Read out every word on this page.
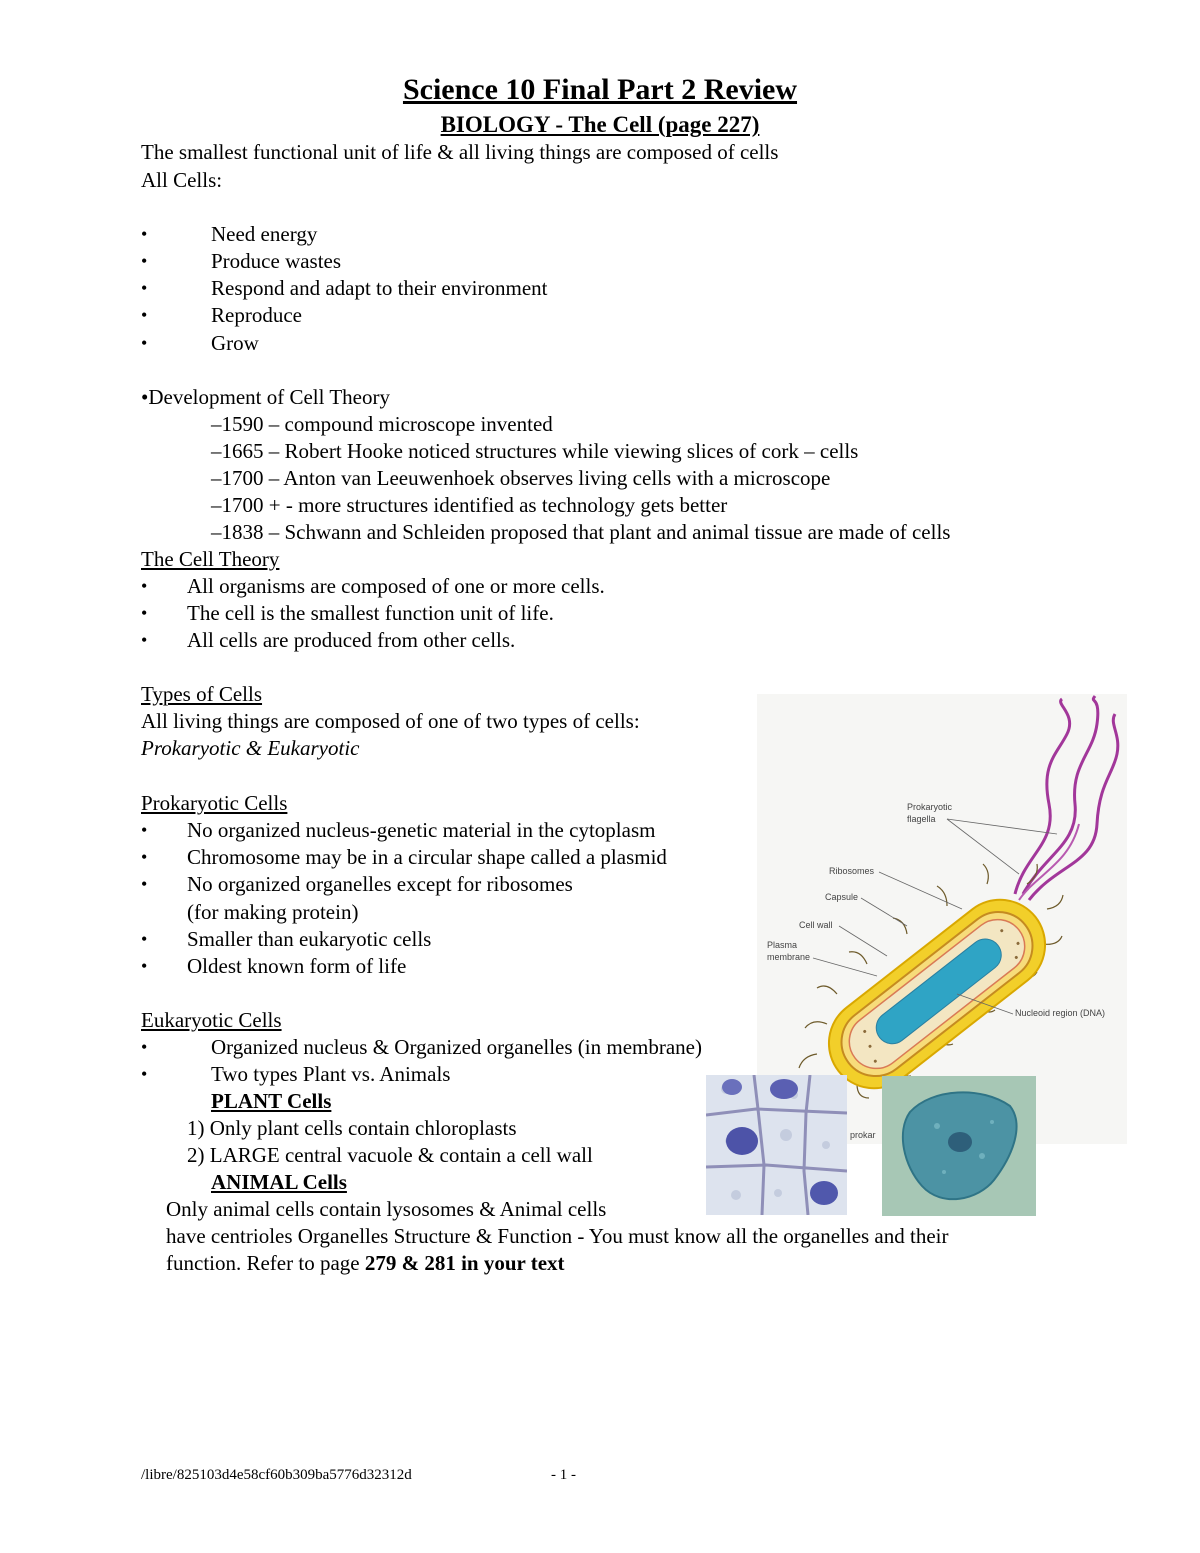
Science 10 Final Part 2 Review
BIOLOGY - The Cell (page 227)
The smallest functional unit of life & all living things are composed of cells
All Cells:
•	Need energy
•	Produce wastes
•	Respond and adapt to their environment
•	Reproduce
•	Grow
•Development of Cell Theory
–1590 – compound microscope invented
–1665 – Robert Hooke noticed structures while viewing slices of cork – cells
–1700 – Anton van Leeuwenhoek observes living cells with a microscope
–1700 + - more structures identified as technology gets better
–1838 – Schwann and Schleiden proposed that plant and animal tissue are made of cells
The Cell Theory
• All organisms are composed of one or more cells.
• The cell is the smallest function unit of life.
• All cells are produced from other cells.
Types of Cells
All living things are composed of one of two types of cells:
Prokaryotic & Eukaryotic
Prokaryotic Cells
• No organized nucleus-genetic material in the cytoplasm
• Chromosome may be in a circular shape called a plasmid
• No organized organelles except for ribosomes
(for making protein)
• Smaller than eukaryotic cells
• Oldest known form of life
Eukaryotic Cells
•	Organized nucleus & Organized organelles (in membrane)
•	Two types Plant vs. Animals
PLANT Cells
1) Only plant cells contain chloroplasts
2) LARGE central vacuole & contain a cell wall
ANIMAL Cells
Only animal cells contain lysosomes & Animal cells
have centrioles Organelles Structure & Function - You must know all the organelles and their
function. Refer to page 279 & 281 in your text
Prokaryotic
flagella
Ribosomes
Capsule
Cell wall
Plasma
membrane
Nucleoid region (DNA)
prokar
/libre/825103d4e58cf60b309ba5776d32312d	- 1 -
